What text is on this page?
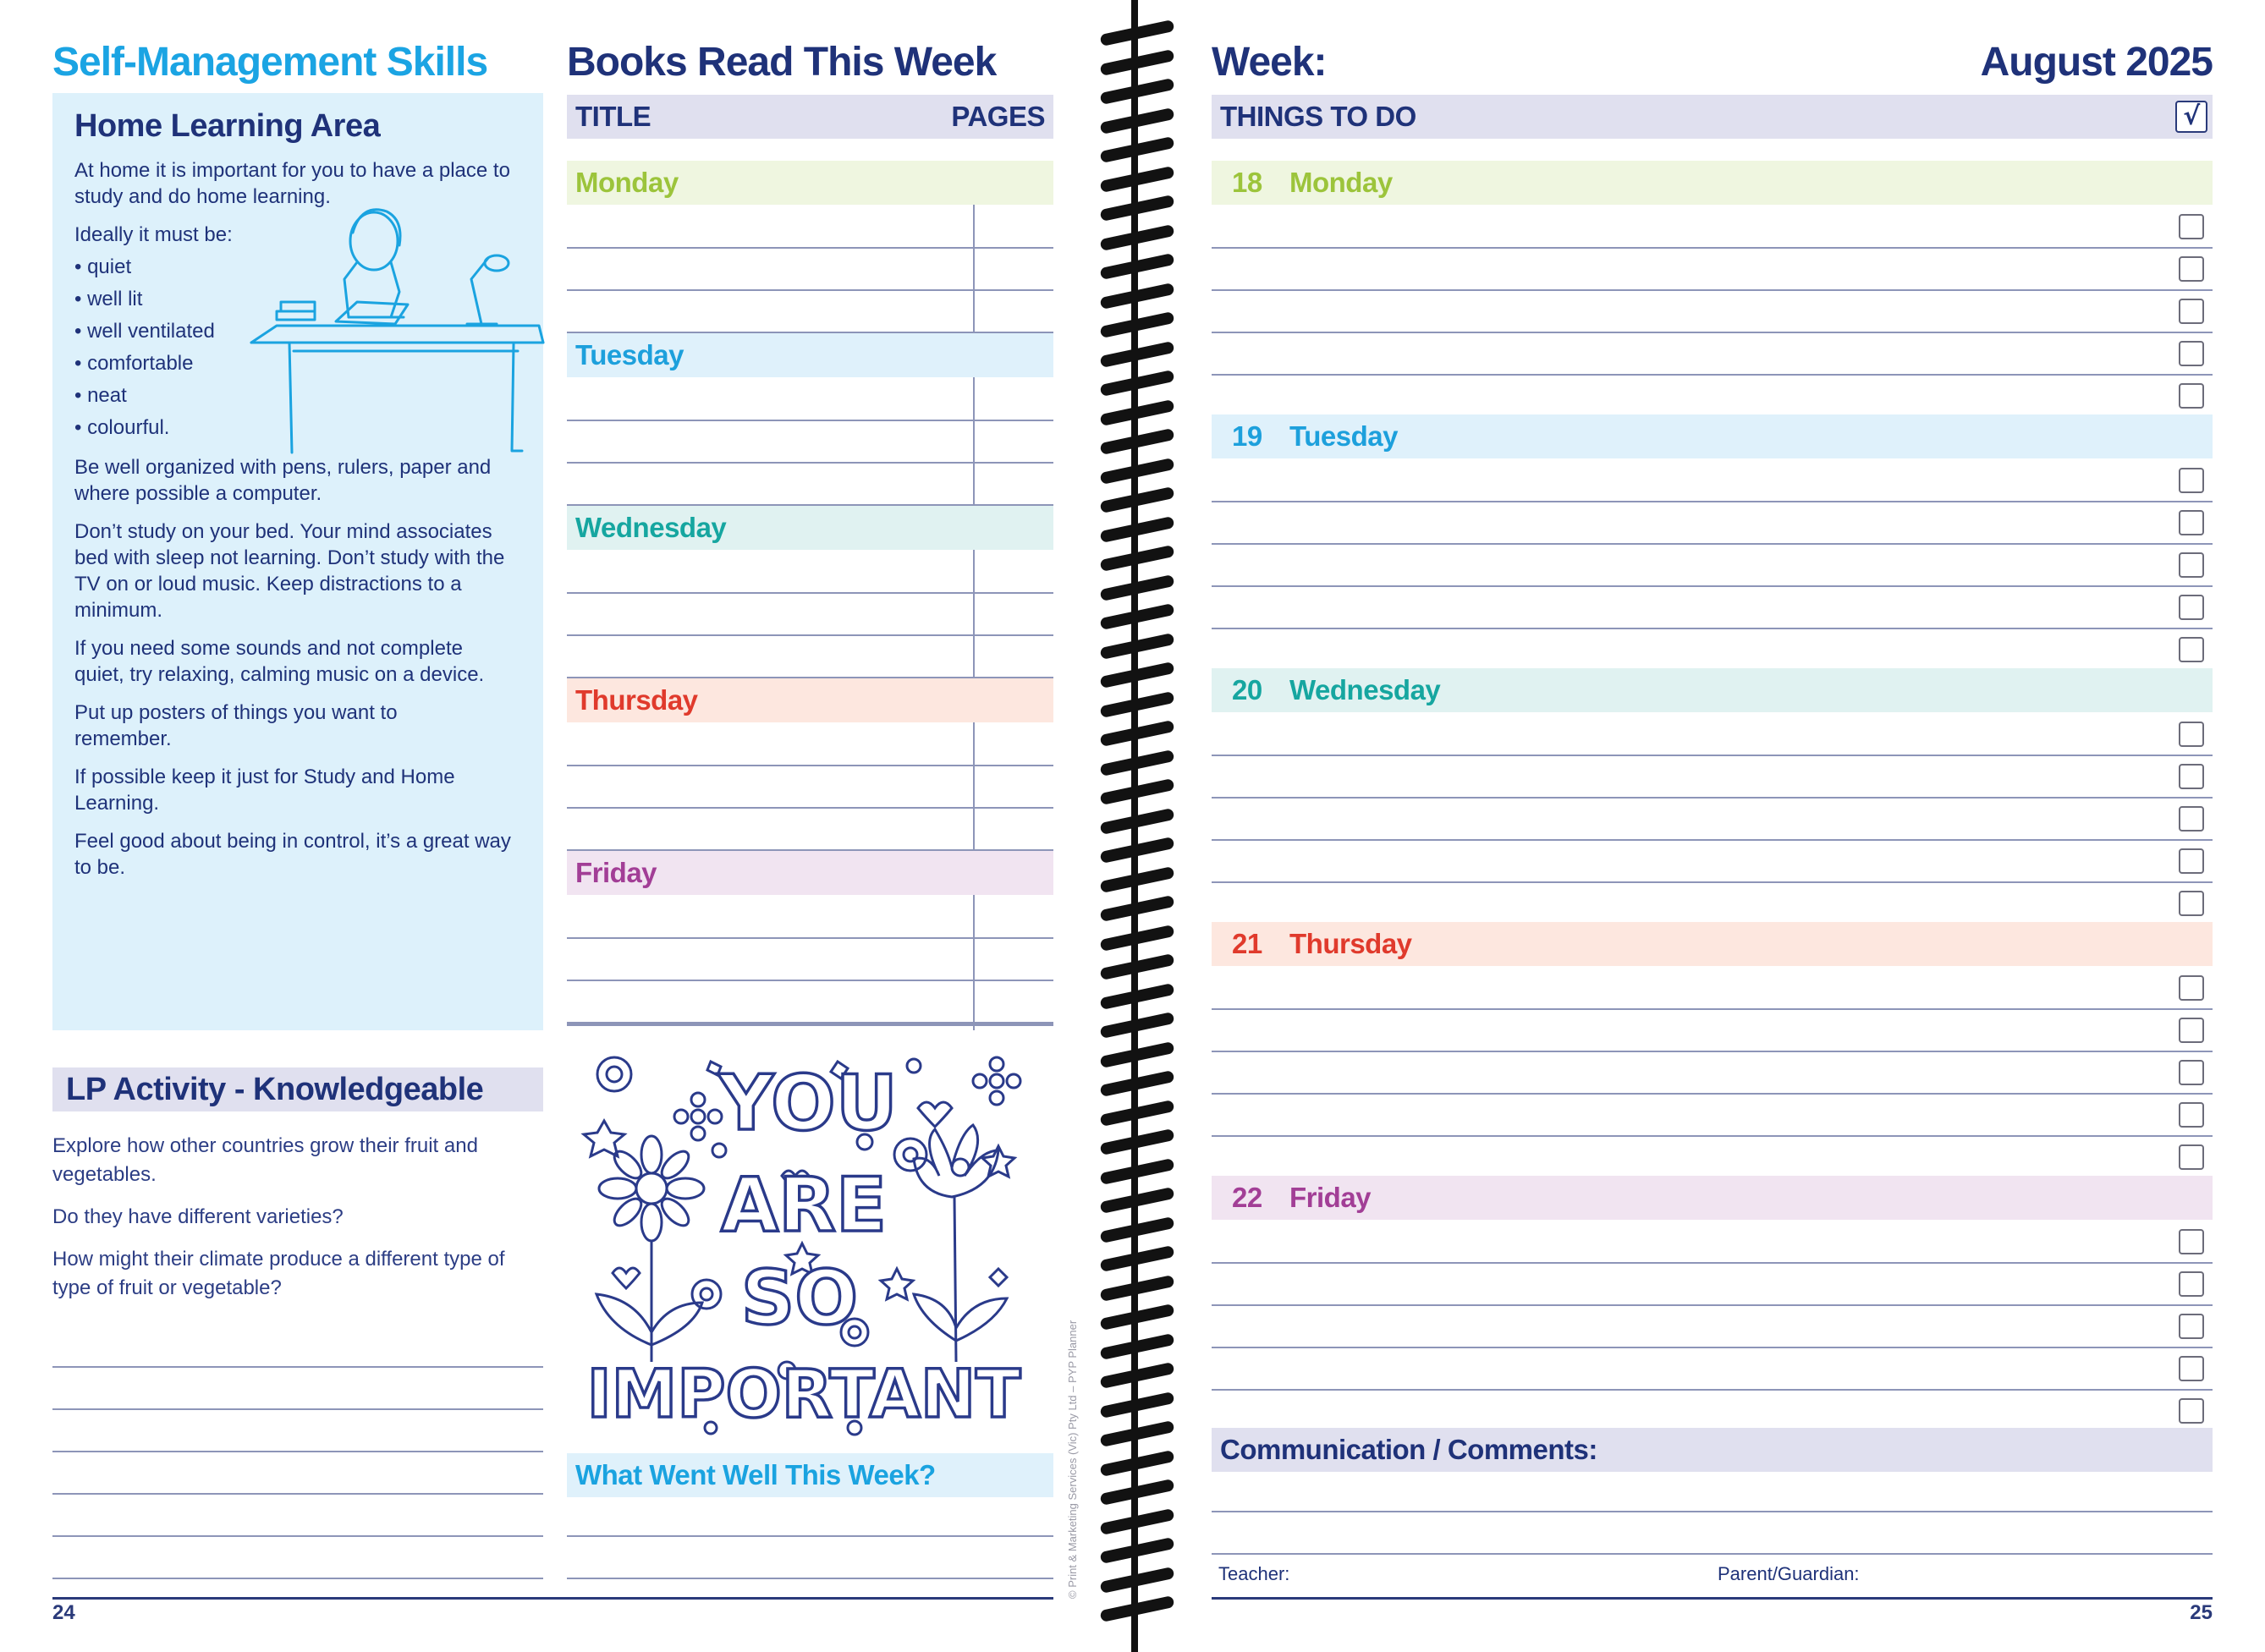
Self-Management Skills
Home Learning Area

At home it is important for you to have a place to study and do home learning.

Ideally it must be:

• quiet
• well lit
• well ventilated
• comfortable
• neat
• colourful.

Be well organized with pens, rulers, paper and where possible a computer.

Don’t study on your bed. Your mind associates bed with sleep not learning. Don’t study with the TV on or loud music. Keep distractions to a minimum.

If you need some sounds and not complete quiet, try relaxing, calming music on a device.

Put up posters of things you want to remember.

If possible keep it just for Study and Home Learning.

Feel good about being in control, it’s a great way to be.

LP Activity - Knowledgeable

Explore how other countries grow their fruit and vegetables.

Do they have different varieties?

How might their climate produce a different type of type of fruit or vegetable?

Books Read This Week
TITLE	PAGES
Monday
Tuesday
Wednesday
Thursday
Friday
YOU
ARE
SO
IMPORTANT
What Went Well This Week?	© Print & Marketing Services (Vic) Pty Ltd – PYP Planner
24
Week:	August 2025
THINGS TO DO	√
18 Monday
19 Tuesday
20 Wednesday
21 Thursday
22 Friday
Communication / Comments:
Teacher:	Parent/Guardian:
25
